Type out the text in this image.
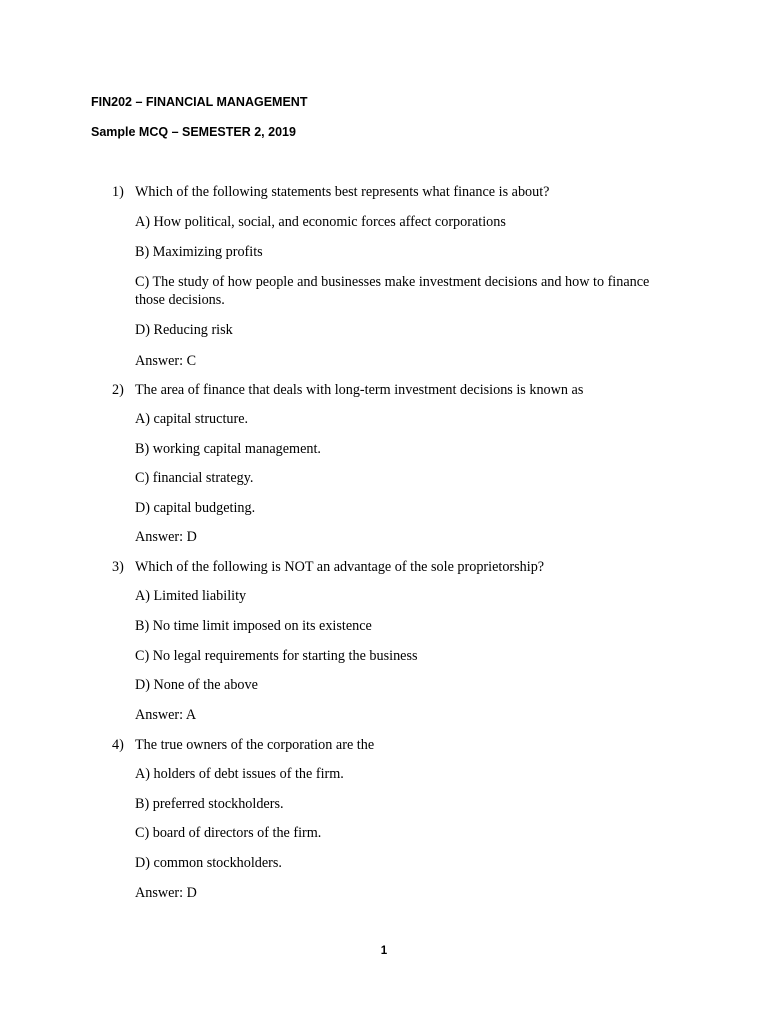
FIN202 – FINANCIAL MANAGEMENT
Sample MCQ – SEMESTER 2, 2019
1) Which of the following statements best represents what finance is about?
A) How political, social, and economic forces affect corporations
B) Maximizing profits
C) The study of how people and businesses make investment decisions and how to finance those decisions.
D) Reducing risk
Answer: C
2) The area of finance that deals with long-term investment decisions is known as
A) capital structure.
B) working capital management.
C) financial strategy.
D) capital budgeting.
Answer: D
3) Which of the following is NOT an advantage of the sole proprietorship?
A) Limited liability
B) No time limit imposed on its existence
C) No legal requirements for starting the business
D) None of the above
Answer: A
4) The true owners of the corporation are the
A) holders of debt issues of the firm.
B) preferred stockholders.
C) board of directors of the firm.
D) common stockholders.
Answer: D
1
